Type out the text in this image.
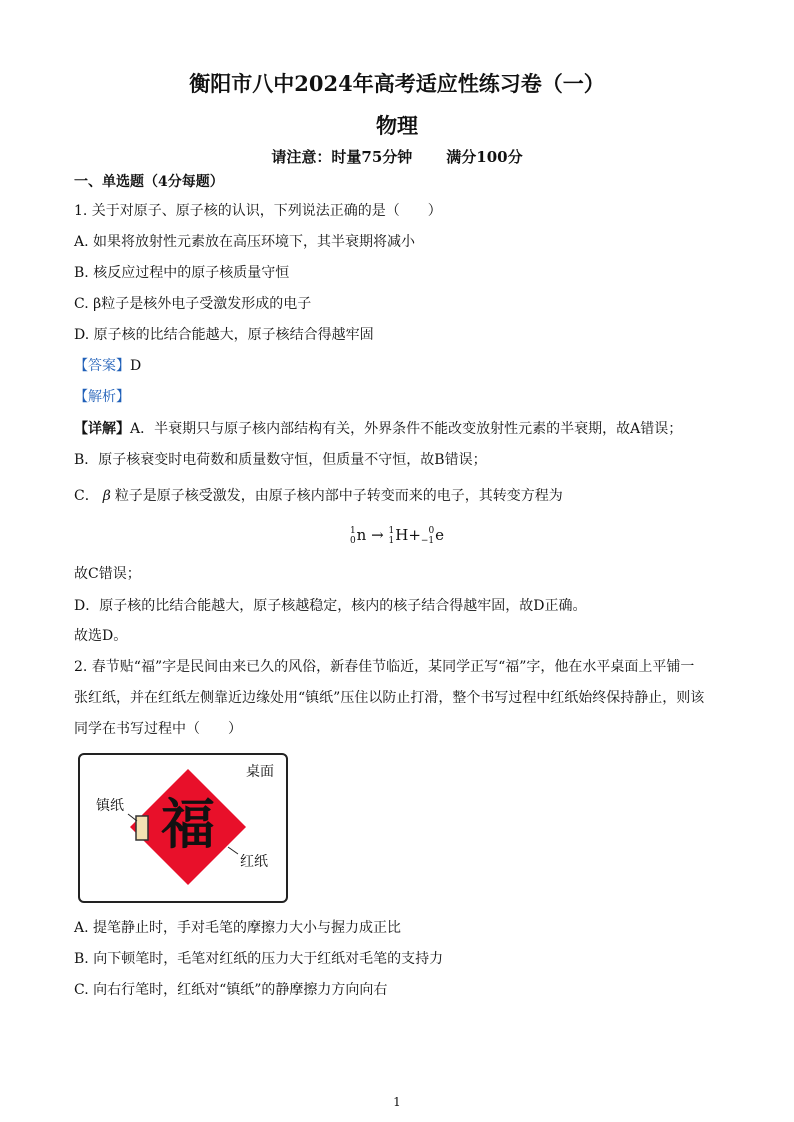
衡阳市八中2024年高考适应性练习卷（一）
物理
请注意：时量75分钟 满分100分
一、单选题（4分每题）
1. 关于对原子、原子核的认识，下列说法正确的是（　　）
A. 如果将放射性元素放在高压环境下，其半衰期将减小
B. 核反应过程中的原子核质量守恒
C. β粒子是核外电子受激发形成的电子
D. 原子核的比结合能越大，原子核结合得越牢固
【答案】D
【解析】
【详解】A．半衰期只与原子核内部结构有关，外界条件不能改变放射性元素的半衰期，故A错误；
B．原子核衰变时电荷数和质量数守恒，但质量不守恒，故B错误；
C． β 粒子是原子核受激发，由原子核内部中子转变而来的电子，其转变方程为
1
0 n → 1
1 H+ 0
−1 e
故C错误；
D．原子核的比结合能越大，原子核越稳定，核内的核子结合得越牢固，故D正确。
故选D。
2. 春节贴“福”字是民间由来已久的风俗，新春佳节临近，某同学正写“福”字，他在水平桌面上平铺一
张红纸，并在红纸左侧靠近边缘处用“镇纸”压住以防止打滑，整个书写过程中红纸始终保持静止，则该
同学在书写过程中（　　）
桌面
镇纸
红纸
福
A. 提笔静止时，手对毛笔的摩擦力大小与握力成正比
B. 向下顿笔时，毛笔对红纸的压力大于红纸对毛笔的支持力
C. 向右行笔时，红纸对“镇纸”的静摩擦力方向向右
1
